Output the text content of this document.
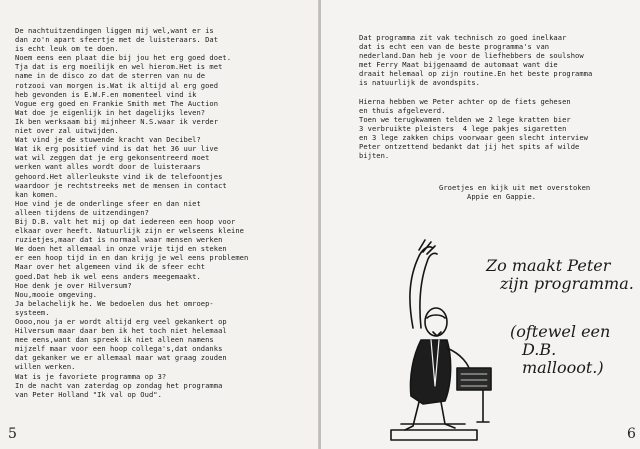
De nachtuitzendingen liggen mij wel,want er is
dan zo'n apart sfeertje met de luisteraars. Dat
is echt leuk om te doen.
Noem eens een plaat die bij jou het erg goed doet.
Tja dat is erg moeilijk en wel hierom.Het is met
name in de disco zo dat de sterren van nu de
rotzooi van morgen is.Wat ik altijd al erg goed
heb gevonden is E.W.F.en momenteel vind ik
Vogue erg goed en Frankie Smith met The Auction
Wat doe je eigenlijk in het dagelijks leven?
Ik ben werksaam bij mijnheer N.S.waar ik verder
niet over zal uitwijden.
Wat vind je de stuwende kracht van Decibel?
Wat ik erg positief vind is dat het 36 uur live
wat wil zeggen dat je erg gekonsentreerd moet
werken want alles wordt door de luisteraars
gehoord.Het allerleukste vind ik de telefoontjes
waardoor je rechtstreeks met de mensen in contact
kan komen.
Hoe vind je de onderlinge sfeer en dan niet
alleen tijdens de uitzendingen?
Bij D.B. valt het mij op dat iedereen een hoop voor
elkaar over heeft. Natuurlijk zijn er welseens kleine
ruzietjes,maar dat is normaal waar mensen werken
We doen het allemaal in onze vrije tijd en steken
er een hoop tijd in en dan krijg je wel eens problemen
Maar over het algemeen vind ik de sfeer echt
goed.Dat heb ik wel eens anders meegemaakt.
Hoe denk je over Hilversum?
Nou,mooie omgeving.
Ja belachelijk he. We bedoelen dus het omroep-
systeem.
Oooo,nou ja er wordt altijd erg veel gekankert op
Hilversum maar daar ben ik het toch niet helemaal
mee eens,want dan spreek ik niet alleen namens
mijzelf maar voor een hoop collega's,dat ondanks
dat gekanker we er allemaal maar wat graag zouden
willen werken.
Wat is je favoriete programma op 3?
In de nacht van zaterdag op zondag het programma
van Peter Holland "Ik val op Oud".
5
Dat programma zit vak technisch zo goed inelkaar
dat is echt een van de beste programma's van
nederland.Dan heb je voor de liefhebbers de soulshow
met Ferry Maat bijgenaamd de automaat want die
draait helemaal op zijn routine.En het beste programma
is natuurlijk de avondspits.
Hierna hebben we Peter achter op de fiets gehesen
en thuis afgeleverd.
Toen we terugkwamen telden we 2 lege kratten bier
3 verbruikte pleisters  4 lege pakjes sigaretten
en 3 lege zakken chips voorwaar geen slecht interview
Peter ontzettend bedankt dat jij het spits af wilde
bijten.
Groetjes en kijk uit met overstoken
Appie en Gappie.
Zo maakt Peter
zijn programma.
(oftewel een
D.B. mallooot.)
6
